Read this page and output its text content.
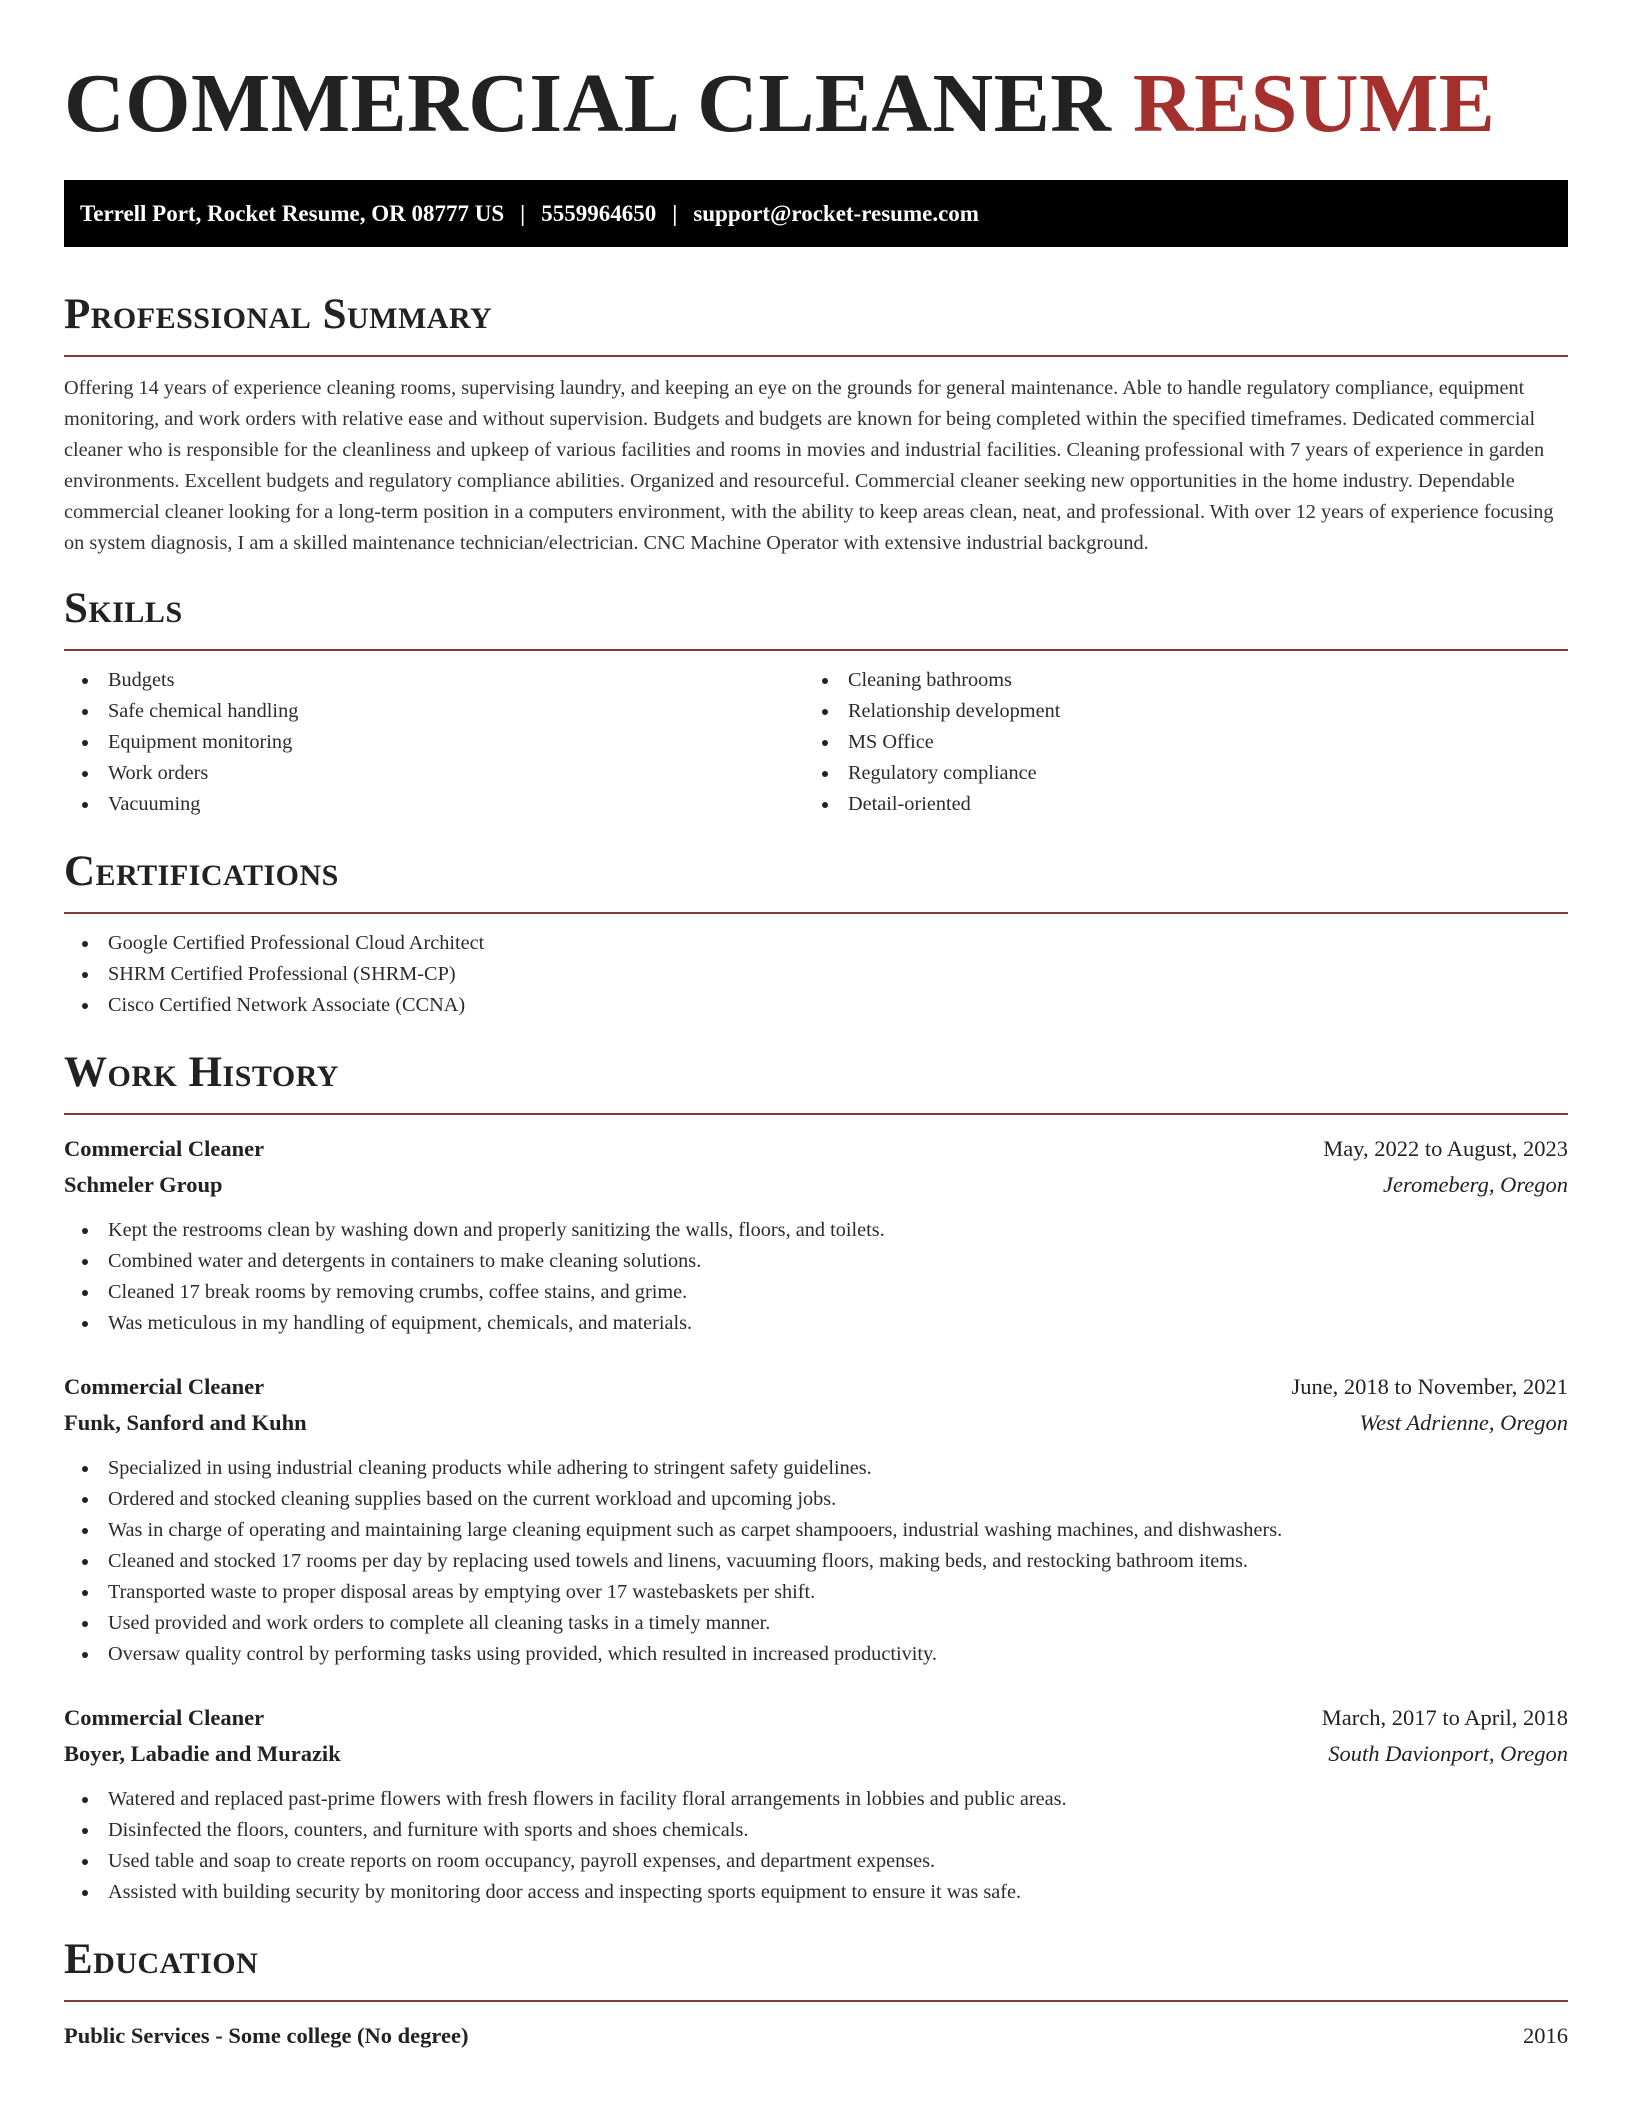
COMMERCIAL CLEANER RESUME
Terrell Port, Rocket Resume, OR 08777 US | 5559964650 | support@rocket-resume.com
Professional Summary

Offering 14 years of experience cleaning rooms, supervising laundry, and keeping an eye on the grounds for general maintenance. Able to handle regulatory compliance, equipment monitoring, and work orders with relative ease and without supervision. Budgets and budgets are known for being completed within the specified timeframes. Dedicated commercial cleaner who is responsible for the cleanliness and upkeep of various facilities and rooms in movies and industrial facilities. Cleaning professional with 7 years of experience in garden environments. Excellent budgets and regulatory compliance abilities. Organized and resourceful. Commercial cleaner seeking new opportunities in the home industry. Dependable commercial cleaner looking for a long-term position in a computers environment, with the ability to keep areas clean, neat, and professional. With over 12 years of experience focusing on system diagnosis, I am a skilled maintenance technician/electrician. CNC Machine Operator with extensive industrial background.

Skills
Budgets
Safe chemical handling
Equipment monitoring
Work orders
Vacuuming
Cleaning bathrooms
Relationship development
MS Office
Regulatory compliance
Detail-oriented
Certifications
Google Certified Professional Cloud Architect
SHRM Certified Professional (SHRM-CP)
Cisco Certified Network Associate (CCNA)
Work History
Commercial Cleaner	May, 2022 to August, 2023
Schmeler Group	Jeromeberg, Oregon
Kept the restrooms clean by washing down and properly sanitizing the walls, floors, and toilets.
Combined water and detergents in containers to make cleaning solutions.
Cleaned 17 break rooms by removing crumbs, coffee stains, and grime.
Was meticulous in my handling of equipment, chemicals, and materials.
Commercial Cleaner	June, 2018 to November, 2021
Funk, Sanford and Kuhn	West Adrienne, Oregon
Specialized in using industrial cleaning products while adhering to stringent safety guidelines.
Ordered and stocked cleaning supplies based on the current workload and upcoming jobs.
Was in charge of operating and maintaining large cleaning equipment such as carpet shampooers, industrial washing machines, and dishwashers.
Cleaned and stocked 17 rooms per day by replacing used towels and linens, vacuuming floors, making beds, and restocking bathroom items.
Transported waste to proper disposal areas by emptying over 17 wastebaskets per shift.
Used provided and work orders to complete all cleaning tasks in a timely manner.
Oversaw quality control by performing tasks using provided, which resulted in increased productivity.
Commercial Cleaner	March, 2017 to April, 2018
Boyer, Labadie and Murazik	South Davionport, Oregon
Watered and replaced past-prime flowers with fresh flowers in facility floral arrangements in lobbies and public areas.
Disinfected the floors, counters, and furniture with sports and shoes chemicals.
Used table and soap to create reports on room occupancy, payroll expenses, and department expenses.
Assisted with building security by monitoring door access and inspecting sports equipment to ensure it was safe.
Education
Public Services - Some college (No degree)	2016
